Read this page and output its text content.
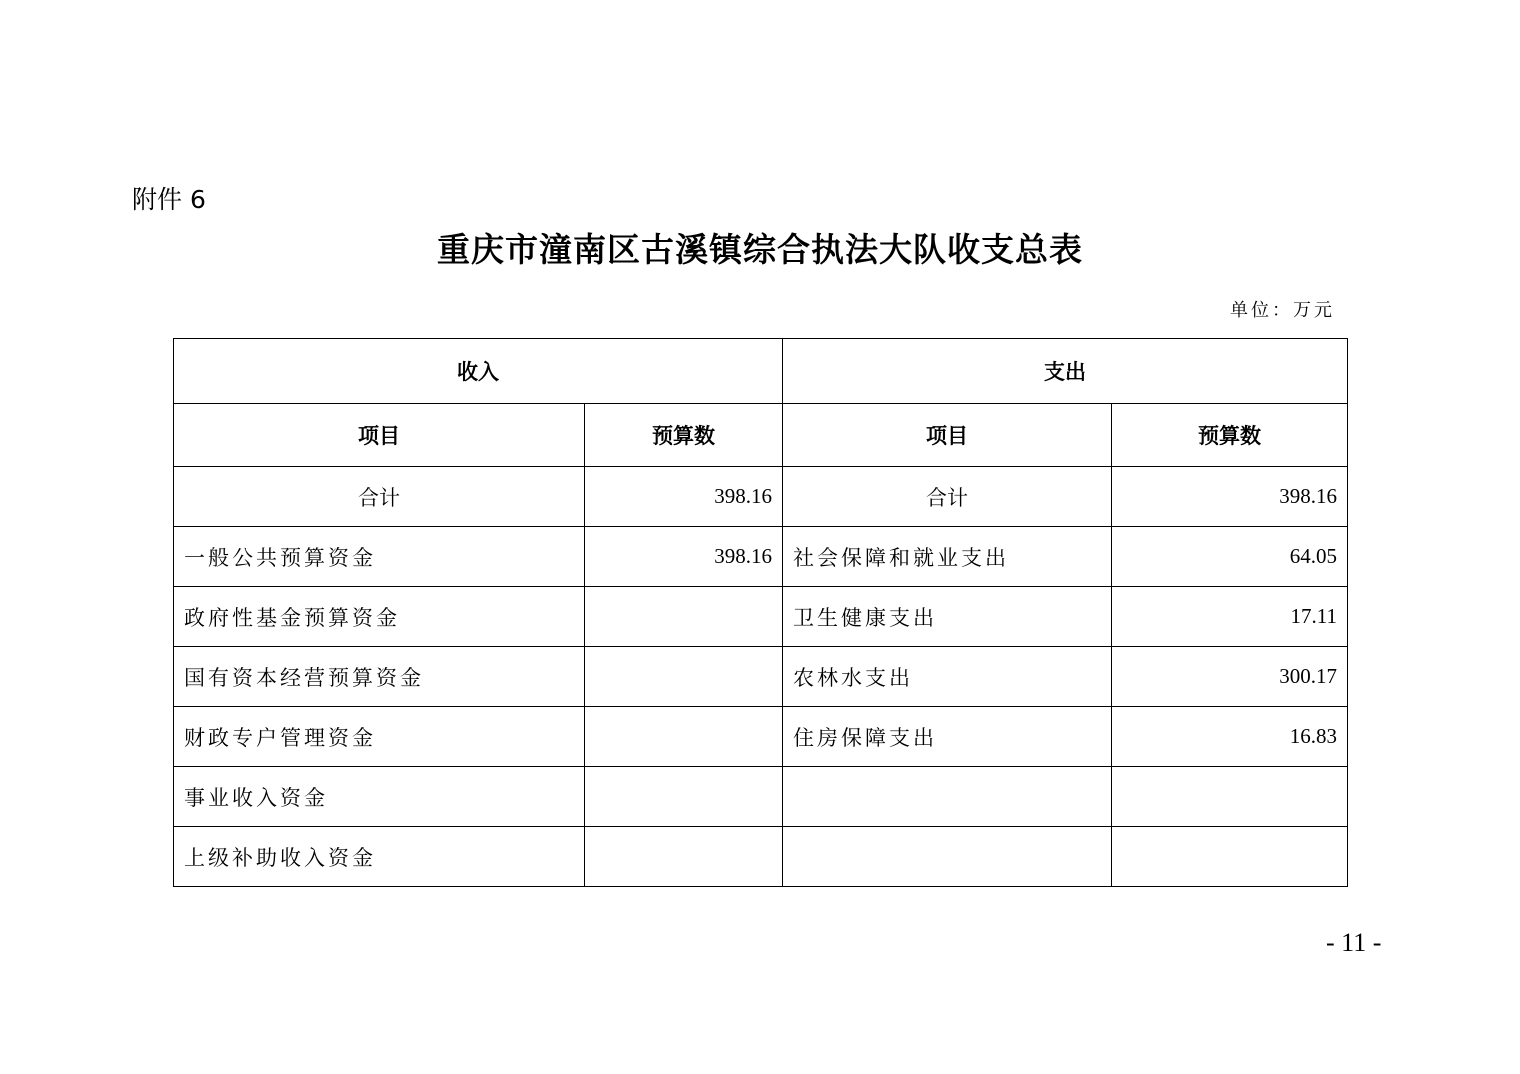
附件 6
重庆市潼南区古溪镇综合执法大队收支总表
单位：万元
收入		支出	
项目	预算数	项目	预算数
合计	398.16	合计	398.16
一般公共预算资金	398.16	社会保障和就业支出	64.05
政府性基金预算资金		卫生健康支出	17.11
国有资本经营预算资金		农林水支出	300.17
财政专户管理资金		住房保障支出	16.83
事业收入资金			
上级补助收入资金			
- 11 -
